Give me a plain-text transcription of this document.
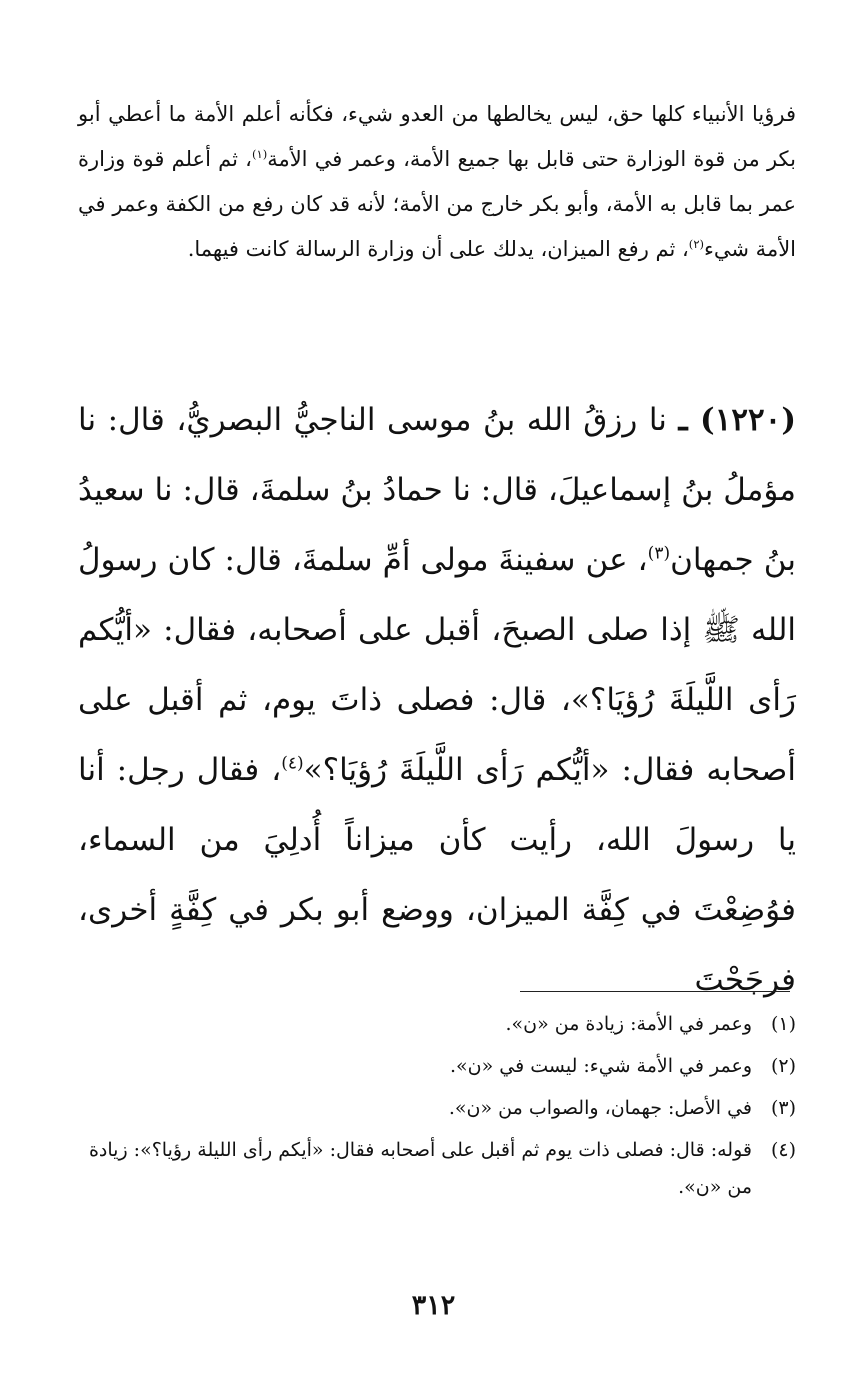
فرؤيا الأنبياء كلها حق، ليس يخالطها من العدو شيء، فكأنه أعلم الأمة ما أعطي أبو بكر من قوة الوزارة حتى قابل بها جميع الأمة، وعمر في الأمة$^{(١)}$، ثم أعلم قوة وزارة عمر بما قابل به الأمة، وأبو بكر خارج من الأمة؛ لأنه قد كان رفع من الكفة وعمر في الأمة شيء$^{(٢)}$، ثم رفع الميزان، يدلك على أن وزارة الرسالة كانت فيهما.

(١٢٢٠) ـ نا رزقُ الله بنُ موسى الناجيُّ البصريُّ، قال: نا مؤملُ بنُ إسماعيلَ، قال: نا حمادُ بنُ سلمةَ، قال: نا سعيدُ بنُ جمهان$^{(٣)}$، عن سفينةَ مولى أمِّ سلمةَ، قال: كان رسولُ الله ﷺ إذا صلى الصبحَ، أقبل على أصحابه، فقال: «أيُّكم رَأى اللَّيلَةَ رُؤيَا؟»، قال: فصلى ذاتَ يوم، ثم أقبل على أصحابه فقال: «أيُّكم رَأى اللَّيلَةَ رُؤيَا؟»$^{(٤)}$، فقال رجل: أنا يا رسولَ الله، رأيت كأن ميزاناً أُدلِيَ من السماء، فوُضِعْتَ في كِفَّة الميزان، ووضع أبو بكر في كِفَّةٍ أخرى، فرجَحْتَ

(١)
وعمر في الأمة: زيادة من «ن».
(٢)
وعمر في الأمة شيء: ليست في «ن».
(٣)
في الأصل: جهمان، والصواب من «ن».
(٤)
قوله: قال: فصلى ذات يوم ثم أقبل على أصحابه فقال: «أيكم رأى الليلة رؤيا؟»: زيادة من «ن».
٣١٢
